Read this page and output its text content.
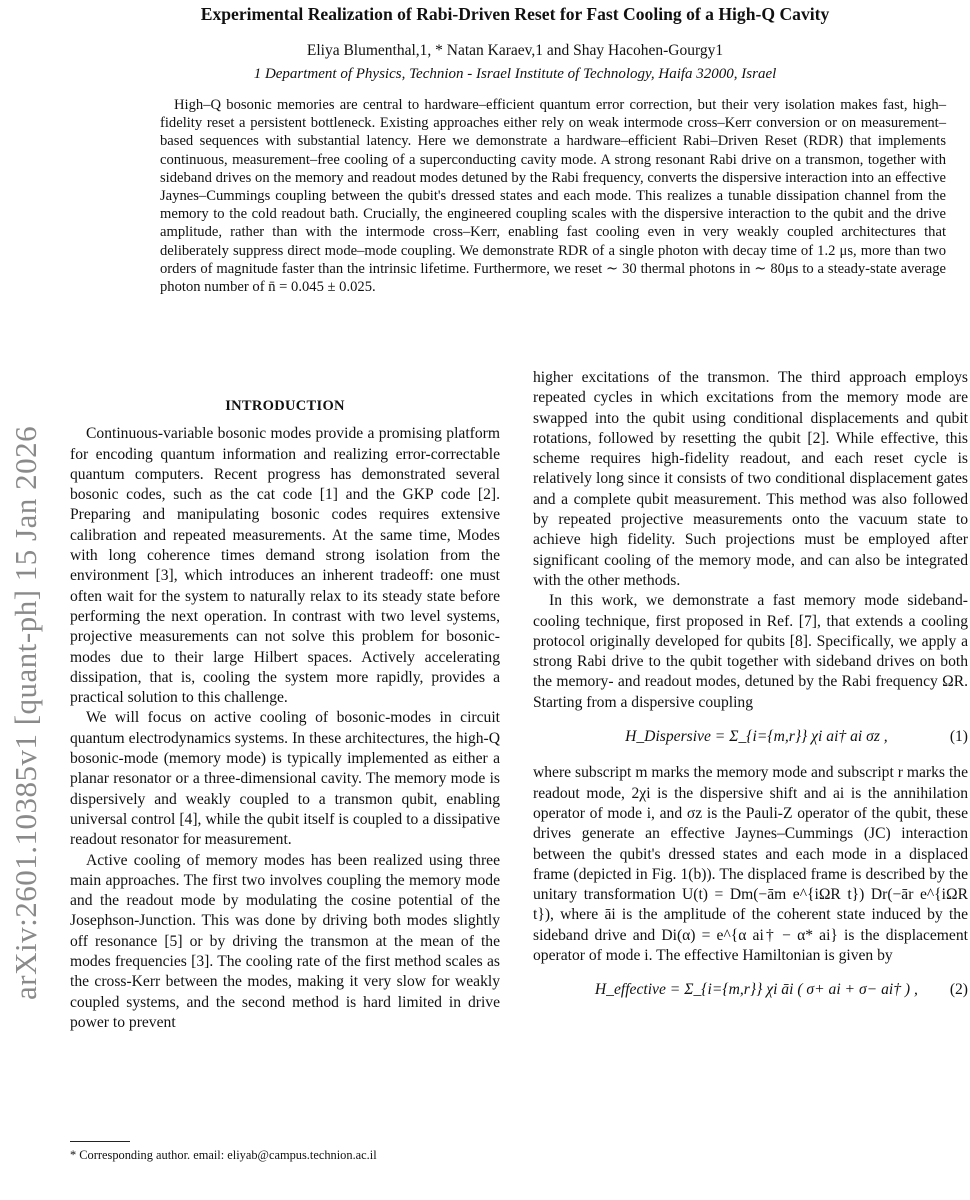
arXiv:2601.10385v1 [quant-ph] 15 Jan 2026
Experimental Realization of Rabi-Driven Reset for Fast Cooling of a High-Q Cavity
Eliya Blumenthal,1, * Natan Karaev,1 and Shay Hacohen-Gourgy1
1 Department of Physics, Technion - Israel Institute of Technology, Haifa 32000, Israel

High–Q bosonic memories are central to hardware–efficient quantum error correction, but their very isolation makes fast, high–fidelity reset a persistent bottleneck. Existing approaches either rely on weak intermode cross–Kerr conversion or on measurement–based sequences with substantial latency. Here we demonstrate a hardware–efficient Rabi–Driven Reset (RDR) that implements continuous, measurement–free cooling of a superconducting cavity mode. A strong resonant Rabi drive on a transmon, together with sideband drives on the memory and readout modes detuned by the Rabi frequency, converts the dispersive interaction into an effective Jaynes–Cummings coupling between the qubit's dressed states and each mode. This realizes a tunable dissipation channel from the memory to the cold readout bath. Crucially, the engineered coupling scales with the dispersive interaction to the qubit and the drive amplitude, rather than with the intermode cross–Kerr, enabling fast cooling even in very weakly coupled architectures that deliberately suppress direct mode–mode coupling. We demonstrate RDR of a single photon with decay time of 1.2 μs, more than two orders of magnitude faster than the intrinsic lifetime. Furthermore, we reset ∼ 30 thermal photons in ∼ 80μs to a steady-state average photon number of n̄ = 0.045 ± 0.025.

INTRODUCTION

Continuous-variable bosonic modes provide a promising platform for encoding quantum information and realizing error-correctable quantum computers. Recent progress has demonstrated several bosonic codes, such as the cat code [1] and the GKP code [2]. Preparing and manipulating bosonic codes requires extensive calibration and repeated measurements. At the same time, Modes with long coherence times demand strong isolation from the environment [3], which introduces an inherent tradeoff: one must often wait for the system to naturally relax to its steady state before performing the next operation. In contrast with two level systems, projective measurements can not solve this problem for bosonic-modes due to their large Hilbert spaces. Actively accelerating dissipation, that is, cooling the system more rapidly, provides a practical solution to this challenge.

We will focus on active cooling of bosonic-modes in circuit quantum electrodynamics systems. In these architectures, the high-Q bosonic-mode (memory mode) is typically implemented as either a planar resonator or a three-dimensional cavity. The memory mode is dispersively and weakly coupled to a transmon qubit, enabling universal control [4], while the qubit itself is coupled to a dissipative readout resonator for measurement.

Active cooling of memory modes has been realized using three main approaches. The first two involves coupling the memory mode and the readout mode by modulating the cosine potential of the Josephson-Junction. This was done by driving both modes slightly off resonance [5] or by driving the transmon at the mean of the modes frequencies [3]. The cooling rate of the first method scales as the cross-Kerr between the modes, making it very slow for weakly coupled systems, and the second method is hard limited in drive power to prevent

higher excitations of the transmon. The third approach employs repeated cycles in which excitations from the memory mode are swapped into the qubit using conditional displacements and qubit rotations, followed by resetting the qubit [2]. While effective, this scheme requires high-fidelity readout, and each reset cycle is relatively long since it consists of two conditional displacement gates and a complete qubit measurement. This method was also followed by repeated projective measurements onto the vacuum state to achieve high fidelity. Such projections must be employed after significant cooling of the memory mode, and can also be integrated with the other methods.

In this work, we demonstrate a fast memory mode sideband-cooling technique, first proposed in Ref. [7], that extends a cooling protocol originally developed for qubits [8]. Specifically, we apply a strong Rabi drive to the qubit together with sideband drives on both the memory- and readout modes, detuned by the Rabi frequency ΩR. Starting from a dispersive coupling

H_Dispersive = Σ_{i={m,r}} χi ai† ai σz ,	(1)

where subscript m marks the memory mode and subscript r marks the readout mode, 2χi is the dispersive shift and ai is the annihilation operator of mode i, and σz is the Pauli-Z operator of the qubit, these drives generate an effective Jaynes–Cummings (JC) interaction between the qubit's dressed states and each mode in a displaced frame (depicted in Fig. 1(b)). The displaced frame is described by the unitary transformation U(t) = Dm(−ām e^{iΩR t}) Dr(−ār e^{iΩR t}), where āi is the amplitude of the coherent state induced by the sideband drive and Di(α) = e^{α ai† − α* ai} is the displacement operator of mode i. The effective Hamiltonian is given by

H_effective = Σ_{i={m,r}} χi āi ( σ+ ai + σ− ai† ) ,	(2)
* Corresponding author. email: eliyab@campus.technion.ac.il
